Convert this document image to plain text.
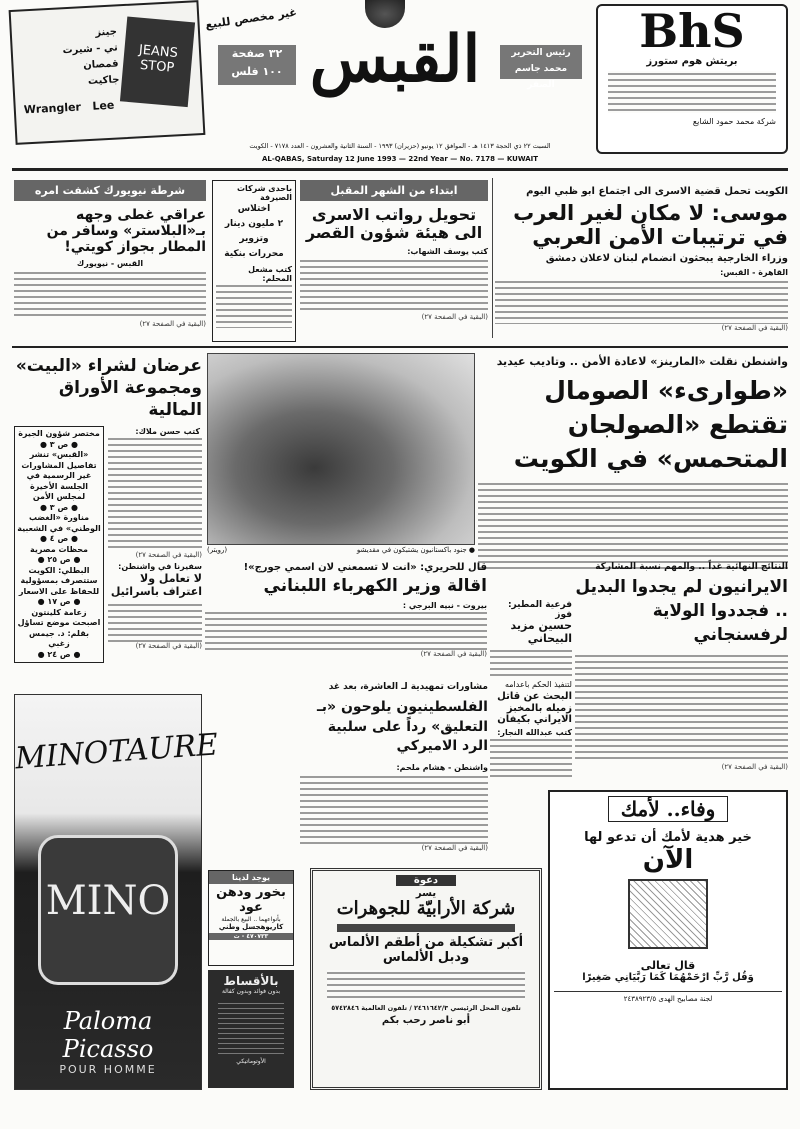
JEANS STOP
جينز
تي - شيرت
قمصان
جاكيت
Wrangler Lee
غير مخصص للبيع
القبس
٣٢ صفحة
١٠٠ فلس
رئيس التحرير
محمد جاسم الصقر
BhS
بريتش هوم ستورز
شركة محمد حمود الشايع
السبت ٢٢ ذي الحجة ١٤١٣ هـ - الموافق ١٢ يونيو (حزيران) ١٩٩٣ - السنة الثانية والعشرون - العدد ٧١٧٨ - الكويت
AL-QABAS, Saturday 12 June 1993 — 22nd Year — No. 7178 — KUWAIT
الكويت تحمل قضية الاسرى الى اجتماع ابو ظبي اليوم
موسى: لا مكان لغير العرب في ترتيبات الأمن العربي
وزراء الخارجية يبحثون انضمام لبنان لاعلان دمشق
القاهرة - القبس:
(البقية في الصفحة ٢٧)
ابتداء من الشهر المقبل
تحويل رواتب الاسرى الى هيئة شؤون القصر
كتب يوسف الشهاب:
(البقية في الصفحة ٢٧)
باحدى شركات الصيرفة
اختلاس
٢ مليون دينار
وتزوير
محررات بنكية
كتب مشعل المحلم:
شرطة نيويورك كشفت امره
عراقي غطى وجهه بـ«البلاستر» وسافر من المطار بجواز كويتي!
القبس - نيويورك
(البقية في الصفحة ٢٧)
واشنطن نقلت «المارينز» لاعادة الأمن .. وتاديب عيديد
«طوارىء» الصومال تقتطع «الصولجان المتحمس» في الكويت
● جنود باكستانيون يشتبكون في مقديشو
(رويتر)
عرضان لشراء «البيت» ومجموعة الأوراق المالية
كتب حسن ملاك:
(البقية في الصفحة ٢٧)
مختصر شؤون الجيرة
● ص ٣ ●
«القبس» تنشر تفاصيل المشاورات غير الرسمية في الجلسة الأخيرة لمجلس الأمن
● ص ٣ ●
مناورة «الغضب الوطني» في الشعبية
● ص ٤ ●
محظات مصرية
● ص ٢٥ ●
البطلي: الكويت ستتصرف بمسؤولية للحفاظ على الاسعار
● ص ١٧ ●
زعامة كلينتون اصبحت موضع تساؤل
بقلم: د. جيمس زغبي
● ص ٢٤ ●
النتائج النهائية غداً .. والمهم نسبة المشاركة
الايرانيون لم يجدوا البديل .. فجددوا الولاية لرفسنجاني
(البقية في الصفحة ٢٧)
فرعية المطير: فوز
حسين مزيد البيحاني
لتنفيذ الحكم باعدامه
البحث عن قاتل زميله بالمخبز الايراني بكيفان
كتب عبدالله النجار:
قال للحريري: «انت لا تسمعني لان اسمي جورج»!
اقالة وزير الكهرباء اللبناني
بيروت - نبيه البرجي :
(البقية في الصفحة ٢٧)
سفيرنا في واشنطن:
لا تعامل ولا اعتراف باسرائيل
(البقية في الصفحة ٢٧)
مشاورات تمهيدية لـ العاشرة، بعد غد
الفلسطينيون يلوحون «بـ التعليق» رداً على سلبية الرد الاميركي
واشنطن - هشام ملحم:
(البقية في الصفحة ٢٧)
MINOTAURE
MINO
Paloma Picasso
POUR HOMME
يوجد لدينا
بخور ودهن عود
بأنواعهما .. البيع بالجملة
كاريوهجسل وطني
٤٧٠٧٣٣ - ت
بالأقساط
بدون فوائد وبدون كفالة
الأوتوماتيكي
دعوة
يسر
شركة الأرابيّة للجوهرات
أكبر تشكيلة من أطقم الألماس ودبل الألماس
تلفون المحل الرئيسي ٢٤٦١٦٤٢/٣ / تلفون العالمية ٥٧٤٢٨٤٦
أبو ناصر رحب بكم
وفاء.. لأمك
خير هدية لأمك أن تدعو لها
الآن
قال تعالى
وَقُل رَّبِّ ارْحَمْهُمَا كَمَا رَبَّيَانِي صَغِيرًا
لجنة مصابيح الهدى ٢٤٣٨٩٢٣/٥
